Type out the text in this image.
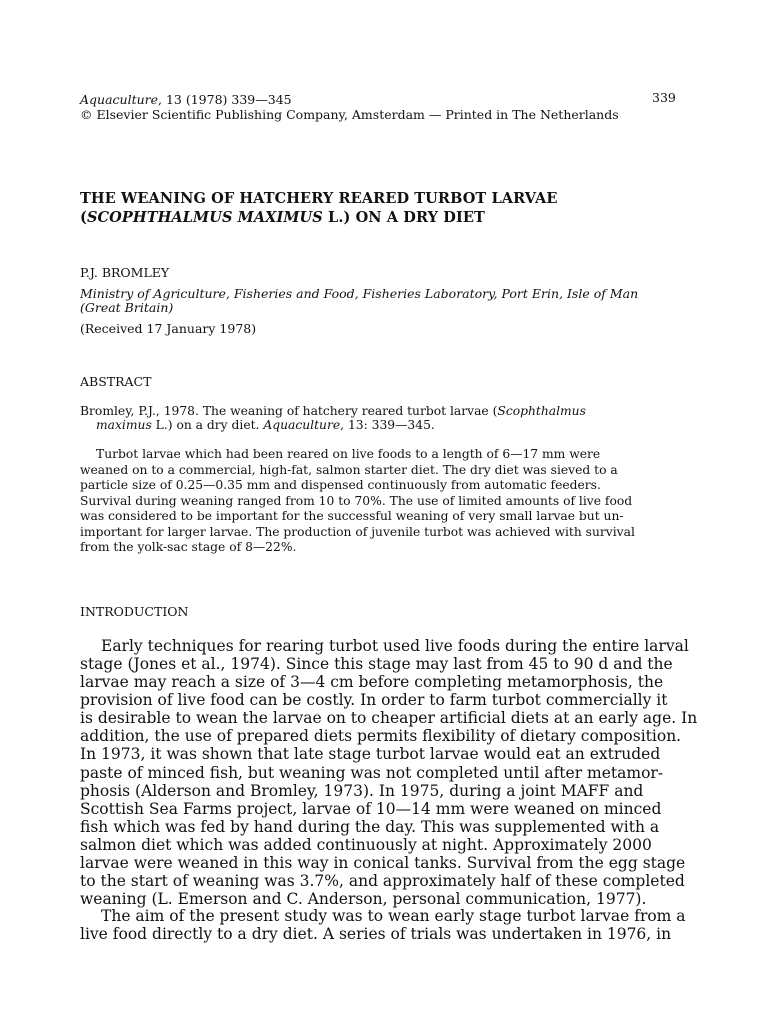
Aquaculture, 13 (1978) 339—345	339

© Elsevier Scientific Publishing Company, Amsterdam — Printed in The Netherlands

THE WEANING OF HATCHERY REARED TURBOT LARVAE

(SCOPHTHALMUS MAXIMUS L.) ON A DRY DIET

P.J. BROMLEY

Ministry of Agriculture, Fisheries and Food, Fisheries Laboratory, Port Erin, Isle of Man

(Great Britain)

(Received 17 January 1978)

ABSTRACT

Bromley, P.J., 1978. The weaning of hatchery reared turbot larvae (Scophthalmus

maximus L.) on a dry diet. Aquaculture, 13: 339—345.

Turbot larvae which had been reared on live foods to a length of 6—17 mm were

weaned on to a commercial, high-fat, salmon starter diet. The dry diet was sieved to a

particle size of 0.25—0.35 mm and dispensed continuously from automatic feeders.

Survival during weaning ranged from 10 to 70%. The use of limited amounts of live food

was considered to be important for the successful weaning of very small larvae but un-

important for larger larvae. The production of juvenile turbot was achieved with survival

from the yolk-sac stage of 8—22%.

INTRODUCTION

Early techniques for rearing turbot used live foods during the entire larval

stage (Jones et al., 1974). Since this stage may last from 45 to 90 d and the

larvae may reach a size of 3—4 cm before completing metamorphosis, the

provision of live food can be costly. In order to farm turbot commercially it

is desirable to wean the larvae on to cheaper artificial diets at an early age. In

addition, the use of prepared diets permits flexibility of dietary composition.

In 1973, it was shown that late stage turbot larvae would eat an extruded

paste of minced fish, but weaning was not completed until after metamor-

phosis (Alderson and Bromley, 1973). In 1975, during a joint MAFF and

Scottish Sea Farms project, larvae of 10—14 mm were weaned on minced

fish which was fed by hand during the day. This was supplemented with a

salmon diet which was added continuously at night. Approximately 2000

larvae were weaned in this way in conical tanks. Survival from the egg stage

to the start of weaning was 3.7%, and approximately half of these completed

weaning (L. Emerson and C. Anderson, personal communication, 1977).

The aim of the present study was to wean early stage turbot larvae from a

live food directly to a dry diet. A series of trials was undertaken in 1976, in
